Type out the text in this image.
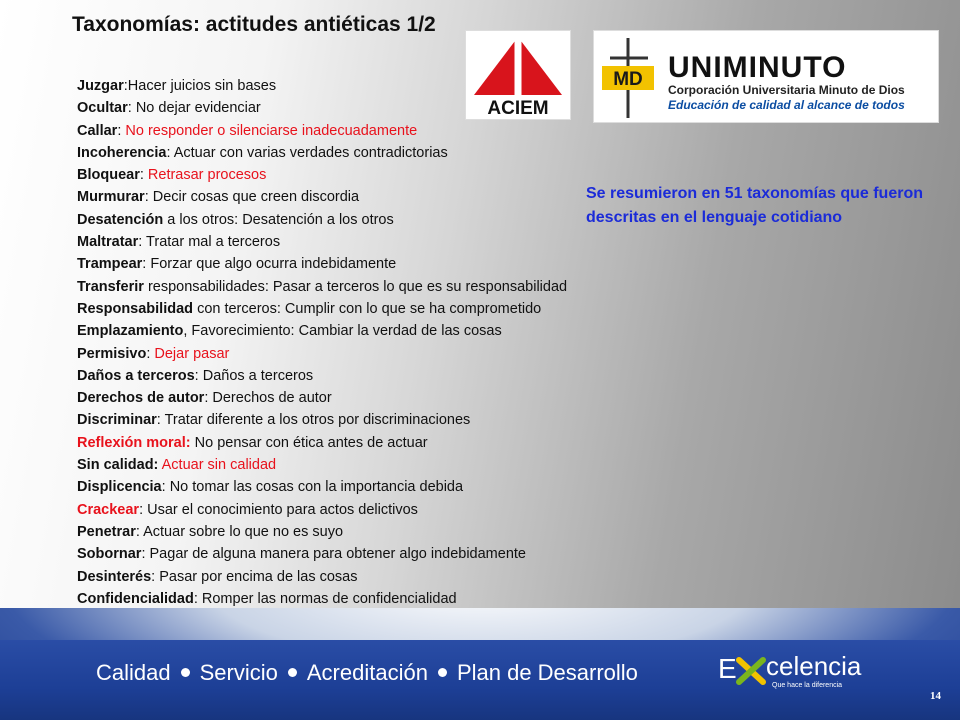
Taxonomías: actitudes antiéticas 1/2
ACIEM
MD UNIMINUTO
Corporación Universitaria Minuto de Dios
Educación de calidad al alcance de todos
Se resumieron en 51 taxonomías que fueron descritas en el lenguaje cotidiano
Juzgar:Hacer juicios sin bases
Ocultar: No dejar evidenciar
Callar: No responder o silenciarse inadecuadamente
Incoherencia: Actuar con varias verdades contradictorias
Bloquear: Retrasar procesos
Murmurar: Decir cosas que creen discordia
Desatención a los otros: Desatención a los otros
Maltratar: Tratar mal a terceros
Trampear: Forzar que algo ocurra indebidamente
Transferir responsabilidades: Pasar a terceros lo que es su responsabilidad
Responsabilidad con terceros: Cumplir con lo que se ha comprometido
Emplazamiento, Favorecimiento: Cambiar la verdad de las cosas
Permisivo: Dejar pasar
Daños a terceros: Daños a terceros
Derechos de autor: Derechos de autor
Discriminar: Tratar diferente a los otros por discriminaciones
Reflexión moral: No pensar con ética antes de actuar
Sin calidad: Actuar sin calidad
Displicencia: No tomar las cosas con la importancia debida
Crackear: Usar el conocimiento para actos delictivos
Penetrar: Actuar sobre lo que no es suyo
Sobornar: Pagar de alguna manera para obtener algo indebidamente
Desinterés: Pasar por encima de las cosas
Confidencialidad: Romper las normas de confidencialidad
Calidad Servicio Acreditación Plan de Desarrollo	E celencia
Que hace la diferencia
14
